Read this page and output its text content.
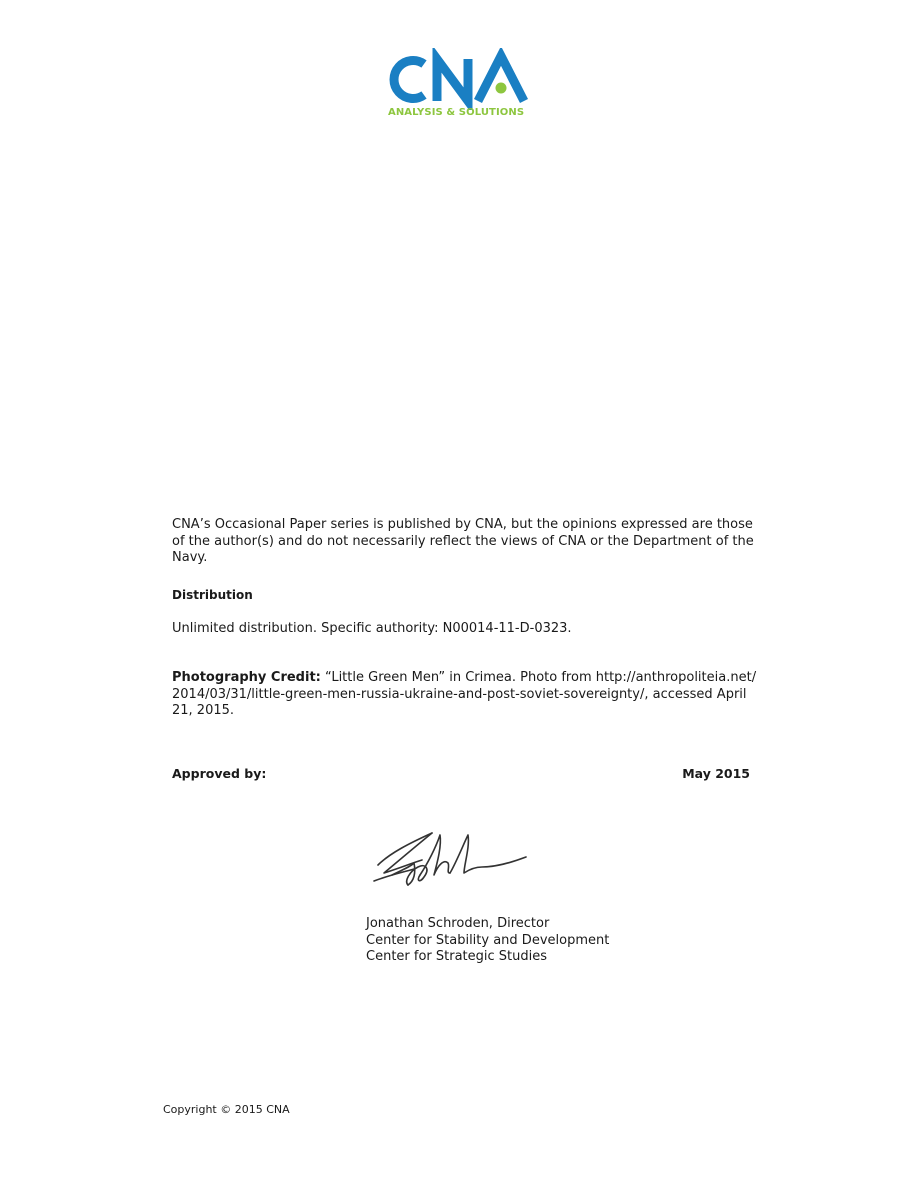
ANALYSIS & SOLUTIONS
CNA’s Occasional Paper series is published by CNA, but the opinions expressed are those of the author(s) and do not necessarily reflect the views of CNA or the Department of the Navy.
Distribution
Unlimited distribution. Specific authority: N00014-11-D-0323.
Photography Credit: “Little Green Men” in Crimea. Photo from http://anthropoliteia.net/ 2014/03/31/little-green-men-russia-ukraine-and-post-soviet-sovereignty/, accessed April 21, 2015.
Approved by:	May 2015
Jonathan Schroden, Director
Center for Stability and Development
Center for Strategic Studies
Copyright © 2015 CNA
